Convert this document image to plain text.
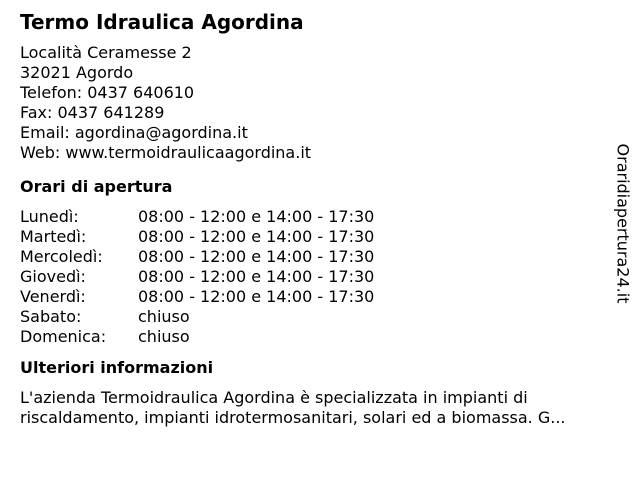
Termo Idraulica Agordina
Località Ceramesse 2
32021 Agordo
Telefon: 0437 640610
Fax: 0437 641289
Email: agordina@agordina.it
Web: www.termoidraulicaagordina.it
Orari di apertura
Lunedì:	08:00 - 12:00 e 14:00 - 17:30
Martedì:	08:00 - 12:00 e 14:00 - 17:30
Mercoledì:	08:00 - 12:00 e 14:00 - 17:30
Giovedì:	08:00 - 12:00 e 14:00 - 17:30
Venerdì:	08:00 - 12:00 e 14:00 - 17:30
Sabato:	chiuso
Domenica:	chiuso
Ulteriori informazioni
L'azienda Termoidraulica Agordina è specializzata in impianti di riscaldamento, impianti idrotermosanitari, solari ed a biomassa. G...
Oraridiapertura24.it
